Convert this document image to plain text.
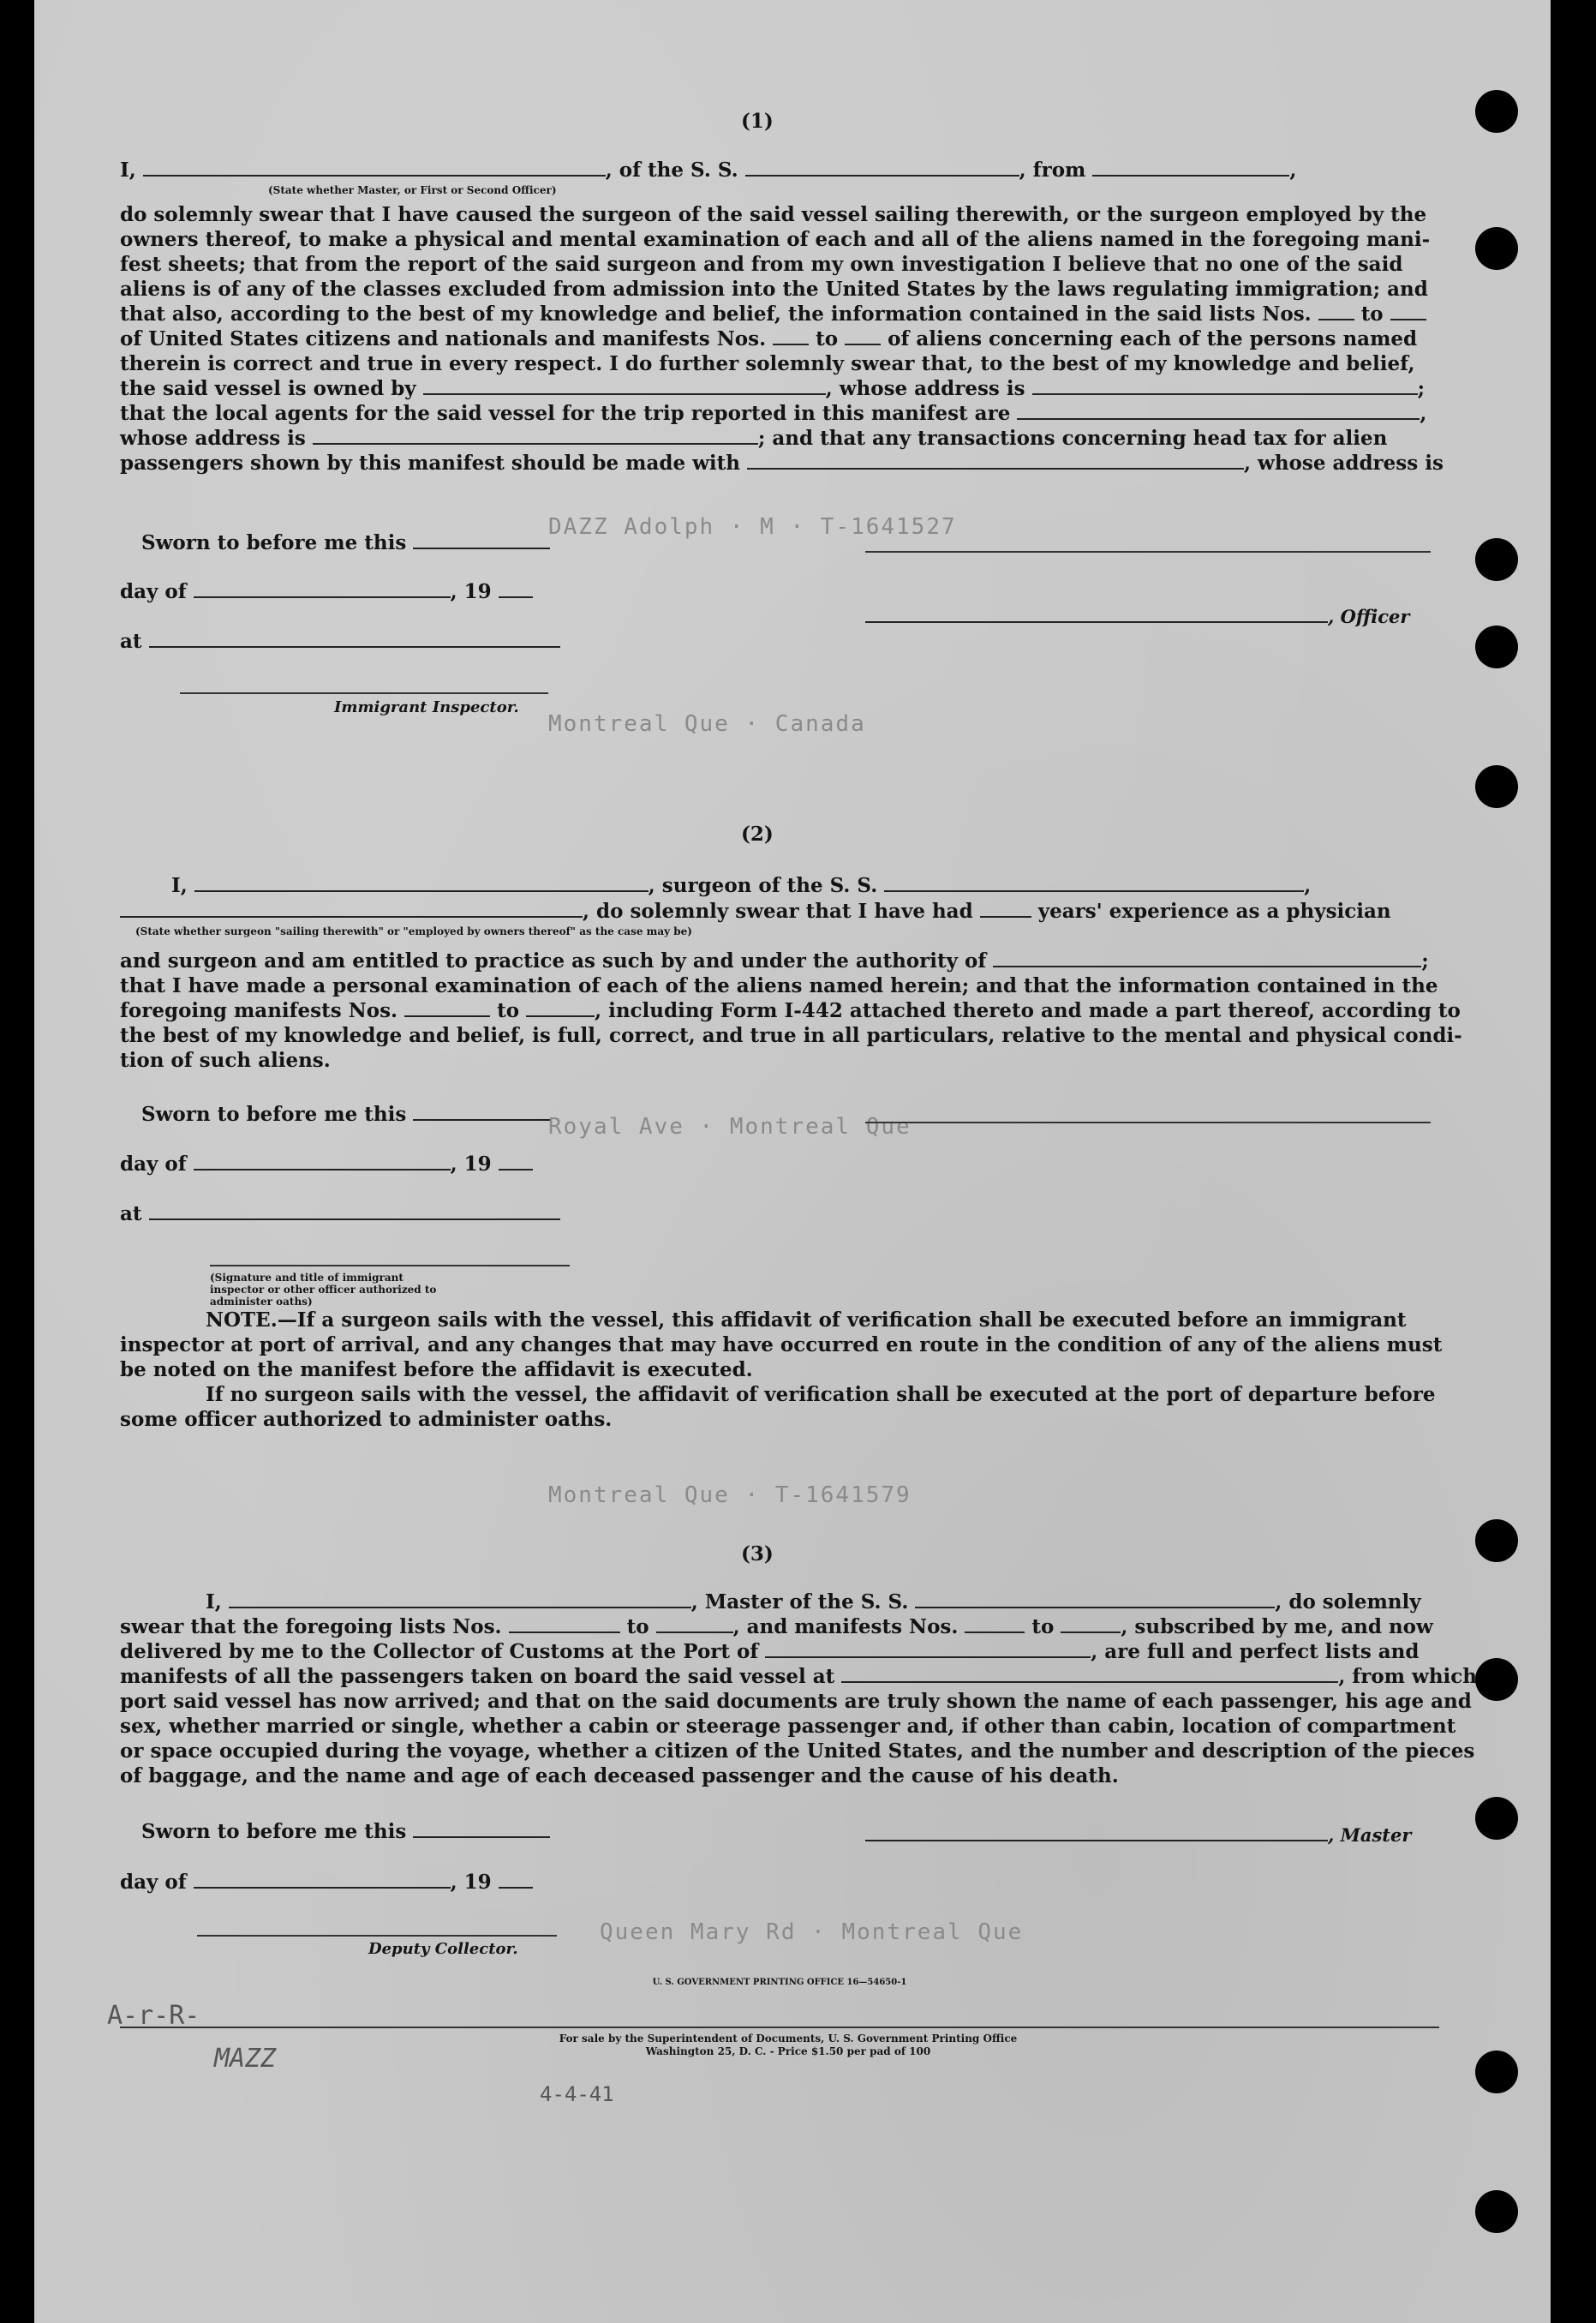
DAZZ Adolph · M · T-1641527
Montreal Que · Canada
Royal Ave · Montreal Que
Montreal Que · T-1641579
Queen Mary Rd · Montreal Que
(1)
I,	, of the S. S.	, from	,
(State whether Master, or First or Second Officer)
do solemnly swear that I have caused the surgeon of the said vessel sailing therewith, or the surgeon employed by the
owners thereof, to make a physical and mental examination of each and all of the aliens named in the foregoing mani-
fest sheets; that from the report of the said surgeon and from my own investigation I believe that no one of the said
aliens is of any of the classes excluded from admission into the United States by the laws regulating immigration; and
that also, according to the best of my knowledge and belief, the information contained in the said lists Nos.	to
of United States citizens and nationals and manifests Nos.	to	of aliens concerning each of the persons named
therein is correct and true in every respect. I do further solemnly swear that, to the best of my knowledge and belief,
the said vessel is owned by	, whose address is	;
that the local agents for the said vessel for the trip reported in this manifest are	,
whose address is	; and that any transactions concerning head tax for alien
passengers shown by this manifest should be made with	, whose address is
Sworn to before me this
day of	, 19
, Officer
at
Immigrant Inspector.
(2)
I,	, surgeon of the S. S.	,
, do solemnly swear that I have had	years' experience as a physician
(State whether surgeon "sailing therewith" or "employed by owners thereof" as the case may be)
and surgeon and am entitled to practice as such by and under the authority of	;
that I have made a personal examination of each of the aliens named herein; and that the information contained in the
foregoing manifests Nos.	to	, including Form I-442 attached thereto and made a part thereof, according to
the best of my knowledge and belief, is full, correct, and true in all particulars, relative to the mental and physical condi-
tion of such aliens.
Sworn to before me this
day of	, 19
at
(Signature and title of immigrant inspector or other officer authorized to administer oaths)
NOTE.—If a surgeon sails with the vessel, this affidavit of verification shall be executed before an immigrant
inspector at port of arrival, and any changes that may have occurred en route in the condition of any of the aliens must
be noted on the manifest before the affidavit is executed.
If no surgeon sails with the vessel, the affidavit of verification shall be executed at the port of departure before
some officer authorized to administer oaths.
(3)
I,	, Master of the S. S.	, do solemnly
swear that the foregoing lists Nos.	to	, and manifests Nos.	to	, subscribed by me, and now
delivered by me to the Collector of Customs at the Port of	, are full and perfect lists and
manifests of all the passengers taken on board the said vessel at	, from which
port said vessel has now arrived; and that on the said documents are truly shown the name of each passenger, his age and
sex, whether married or single, whether a cabin or steerage passenger and, if other than cabin, location of compartment
or space occupied during the voyage, whether a citizen of the United States, and the number and description of the pieces
of baggage, and the name and age of each deceased passenger and the cause of his death.
Sworn to before me this	, Master
day of	, 19
Deputy Collector.
U. S. GOVERNMENT PRINTING OFFICE 16—54650-1
A-r-R-
For sale by the Superintendent of Documents, U. S. Government Printing Office
Washington 25, D. C. - Price $1.50 per pad of 100
MAZZ
4-4-41
